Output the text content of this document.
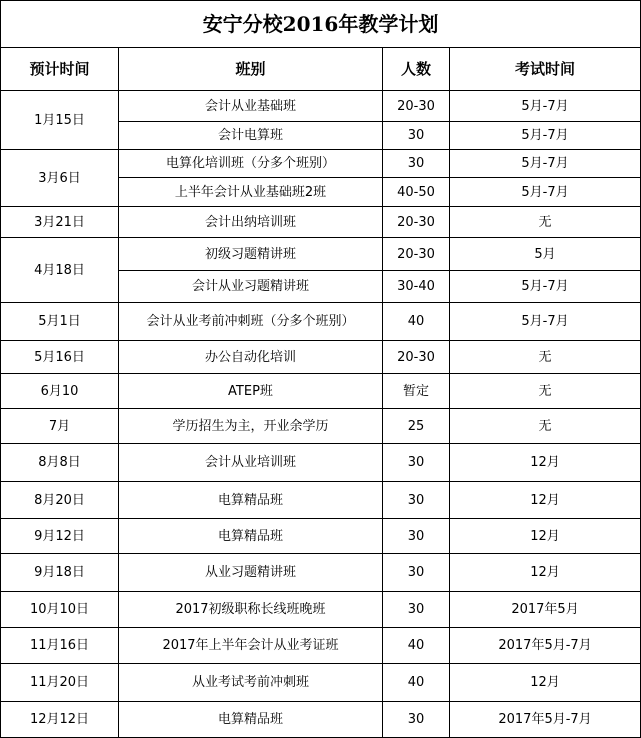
安宁分校2016年教学计划			
预计时间	班别	人数	考试时间
1月15日	会计从业基础班	20-30	5月-7月
	会计电算班	30	5月-7月
3月6日	电算化培训班（分多个班别）	30	5月-7月
	上半年会计从业基础班2班	40-50	5月-7月
3月21日	会计出纳培训班	20-30	无
4月18日	初级习题精讲班	20-30	5月
	会计从业习题精讲班	30-40	5月-7月
5月1日	会计从业考前冲刺班（分多个班别）	40	5月-7月
5月16日	办公自动化培训	20-30	无
6月10	ATEP班	暂定	无
7月	学历招生为主，开业余学历	25	无
8月8日	会计从业培训班	30	12月
8月20日	电算精品班	30	12月
9月12日	电算精品班	30	12月
9月18日	从业习题精讲班	30	12月
10月10日	2017初级职称长线班晚班	30	2017年5月
11月16日	2017年上半年会计从业考证班	40	2017年5月-7月
11月20日	从业考试考前冲刺班	40	12月
12月12日	电算精品班	30	2017年5月-7月
